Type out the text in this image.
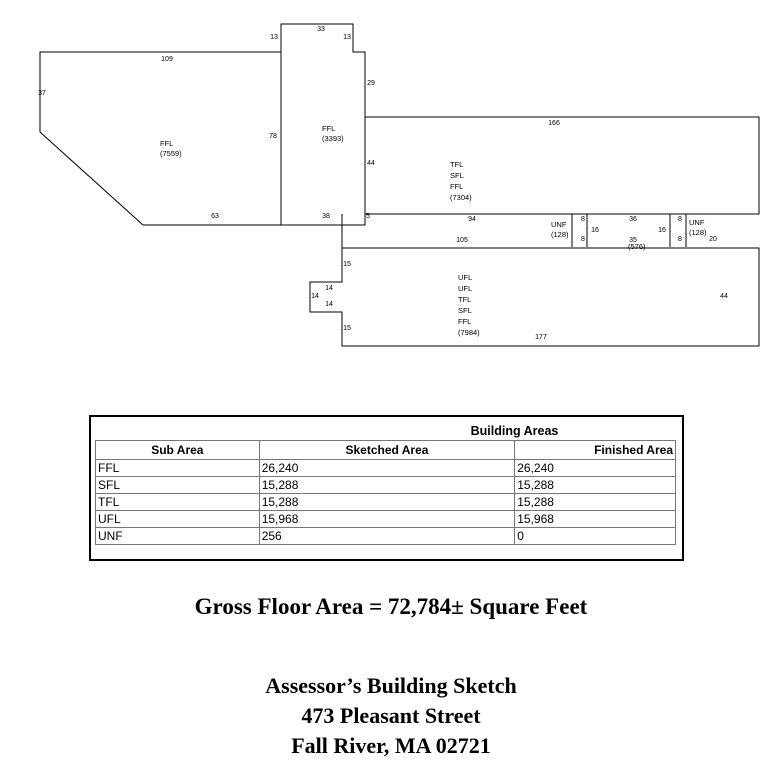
109
37
13
33
13
29
78
166
44
63	38	5	94	8
16
36	8
16
105	8	35	8	20
15
14
14
14
15
177
44
FFL
(7559)
FFL
(3393)
TFL
SFL
FFL
(7304)
UNF
(128)
(576)
UNF
(128)
UFL
UFL
TFL
SFL
FFL
(7984)
Building Areas
Sub Area	Sketched Area	Finished Area
FFL	26,240	26,240
SFL	15,288	15,288
TFL	15,288	15,288
UFL	15,968	15,968
UNF	256	0
Gross Floor Area = 72,784± Square Feet
Assessor’s Building Sketch
473 Pleasant Street
Fall River, MA 02721
